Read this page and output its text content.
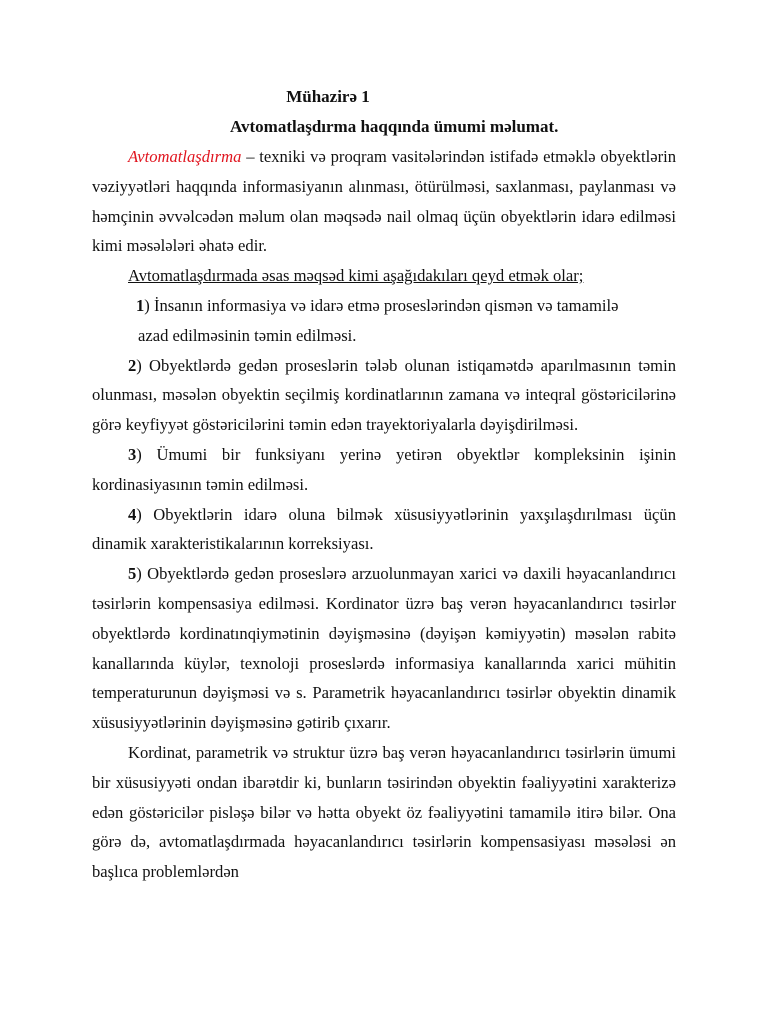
Mühazirə 1
Avtomatlaşdırma haqqında ümumi məlumat.

Avtomatlaşdırma – texniki və proqram vasitələrindən istifadə etməklə obyektlərin vəziyyətləri haqqında informasiyanın alınması, ötürülməsi, saxlanması, paylanması və həmçinin əvvəlcədən məlum olan məqsədə nail olmaq üçün obyektlərin idarə edilməsi kimi məsələləri əhatə edir.

Avtomatlaşdırmada əsas məqsəd kimi aşağıdakıları qeyd etmək olar;

1) İnsanın informasiya və idarə etmə proseslərindən qismən və tamamilə

azad edilməsinin təmin edilməsi.

2) Obyektlərdə gedən proseslərin tələb olunan istiqamətdə aparılmasının təmin olunması, məsələn obyektin seçilmiş kordinatlarının zamana və inteqral göstəricilərinə görə keyfiyyət göstəricilərini təmin edən trayektoriyalarla dəyişdirilməsi.

3) Ümumi bir funksiyanı yerinə yetirən obyektlər kompleksinin işinin kordinasiyasının təmin edilməsi.

4) Obyektlərin idarə oluna bilmək xüsusiyyətlərinin yaxşılaşdırılması üçün dinamik xarakteristikalarının korreksiyası.

5) Obyektlərdə gedən proseslərə arzuolunmayan xarici və daxili həyacanlandırıcı təsirlərin kompensasiya edilməsi. Kordinator üzrə baş verən həyacanlandırıcı təsirlər obyektlərdə kordinatınqiymətinin dəyişməsinə (dəyişən kəmiyyətin) məsələn rabitə kanallarında küylər, texnoloji proseslərdə informasiya kanallarında xarici mühitin temperaturunun dəyişməsi və s. Parametrik həyacanlandırıcı təsirlər obyektin dinamik xüsusiyyətlərinin dəyişməsinə gətirib çıxarır.

Kordinat, parametrik və struktur üzrə baş verən həyacanlandırıcı təsirlərin ümumi bir xüsusiyyəti ondan ibarətdir ki, bunların təsirindən obyektin fəaliyyətini xarakterizə edən göstəricilər pisləşə bilər və hətta obyekt öz fəaliyyətini tamamilə itirə bilər. Ona görə də, avtomatlaşdırmada həyacanlandırıcı təsirlərin kompensasiyası məsələsi ən başlıca problemlərdən
